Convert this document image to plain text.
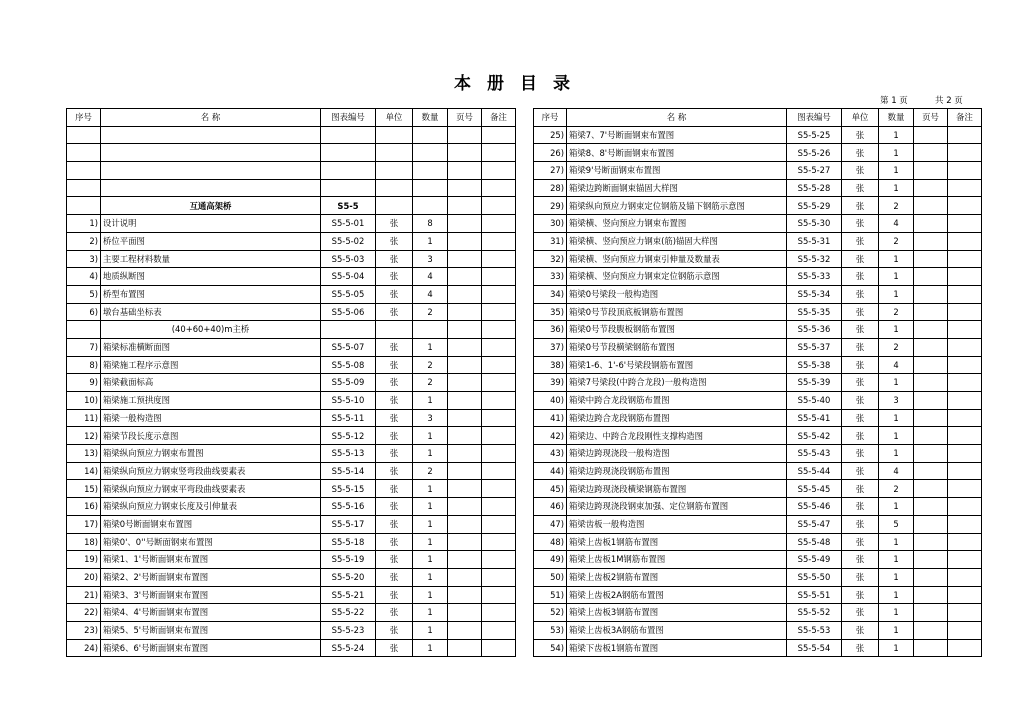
本册目录
第 1 页	共 2 页
序号	名 称	图表编号	单位	数量	页号	备注

	互通高架桥	S5-5				
1)	设计说明	S5-5-01	张	8		
2)	桥位平面图	S5-5-02	张	1		
3)	主要工程材料数量	S5-5-03	张	3		
4)	地质纵断图	S5-5-04	张	4		
5)	桥型布置图	S5-5-05	张	4		
6)	墩台基础坐标表	S5-5-06	张	2		
	(40+60+40)m主桥					
7)	箱梁标准横断面图	S5-5-07	张	1		
8)	箱梁施工程序示意图	S5-5-08	张	2		
9)	箱梁截面标高	S5-5-09	张	2		
10)	箱梁施工预拱度图	S5-5-10	张	1		
11)	箱梁一般构造图	S5-5-11	张	3		
12)	箱梁节段长度示意图	S5-5-12	张	1		
13)	箱梁纵向预应力钢束布置图	S5-5-13	张	1		
14)	箱梁纵向预应力钢束竖弯段曲线要素表	S5-5-14	张	2		
15)	箱梁纵向预应力钢束平弯段曲线要素表	S5-5-15	张	1		
16)	箱梁纵向预应力钢束长度及引伸量表	S5-5-16	张	1		
17)	箱梁0号断面钢束布置图	S5-5-17	张	1		
18)	箱梁0'、0''号断面钢束布置图	S5-5-18	张	1		
19)	箱梁1、1'号断面钢束布置图	S5-5-19	张	1		
20)	箱梁2、2'号断面钢束布置图	S5-5-20	张	1		
21)	箱梁3、3'号断面钢束布置图	S5-5-21	张	1		
22)	箱梁4、4'号断面钢束布置图	S5-5-22	张	1		
23)	箱梁5、5'号断面钢束布置图	S5-5-23	张	1		
24)	箱梁6、6'号断面钢束布置图	S5-5-24	张	1		
序号	名 称	图表编号	单位	数量	页号	备注
25)	箱梁7、7'号断面钢束布置图	S5-5-25	张	1		
26)	箱梁8、8'号断面钢束布置图	S5-5-26	张	1		
27)	箱梁9'号断面钢束布置图	S5-5-27	张	1		
28)	箱梁边跨断面钢束锚固大样图	S5-5-28	张	1		
29)	箱梁纵向预应力钢束定位钢筋及锚下钢筋示意图	S5-5-29	张	2		
30)	箱梁横、竖向预应力钢束布置图	S5-5-30	张	4		
31)	箱梁横、竖向预应力钢束(筋)锚固大样图	S5-5-31	张	2		
32)	箱梁横、竖向预应力钢束引伸量及数量表	S5-5-32	张	1		
33)	箱梁横、竖向预应力钢束定位钢筋示意图	S5-5-33	张	1		
34)	箱梁0号梁段一般构造图	S5-5-34	张	1		
35)	箱梁0号节段顶底板钢筋布置图	S5-5-35	张	2		
36)	箱梁0号节段腹板钢筋布置图	S5-5-36	张	1		
37)	箱梁0号节段横梁钢筋布置图	S5-5-37	张	2		
38)	箱梁1-6、1'-6'号梁段钢筋布置图	S5-5-38	张	4		
39)	箱梁7号梁段(中跨合龙段)一般构造图	S5-5-39	张	1		
40)	箱梁中跨合龙段钢筋布置图	S5-5-40	张	3		
41)	箱梁边跨合龙段钢筋布置图	S5-5-41	张	1		
42)	箱梁边、中跨合龙段刚性支撑构造图	S5-5-42	张	1		
43)	箱梁边跨现浇段一般构造图	S5-5-43	张	1		
44)	箱梁边跨现浇段钢筋布置图	S5-5-44	张	4		
45)	箱梁边跨现浇段横梁钢筋布置图	S5-5-45	张	2		
46)	箱梁边跨现浇段钢束加强、定位钢筋布置图	S5-5-46	张	1		
47)	箱梁齿板一般构造图	S5-5-47	张	5		
48)	箱梁上齿板1钢筋布置图	S5-5-48	张	1		
49)	箱梁上齿板1M钢筋布置图	S5-5-49	张	1		
50)	箱梁上齿板2钢筋布置图	S5-5-50	张	1		
51)	箱梁上齿板2A钢筋布置图	S5-5-51	张	1		
52)	箱梁上齿板3钢筋布置图	S5-5-52	张	1		
53)	箱梁上齿板3A钢筋布置图	S5-5-53	张	1		
54)	箱梁下齿板1钢筋布置图	S5-5-54	张	1		
